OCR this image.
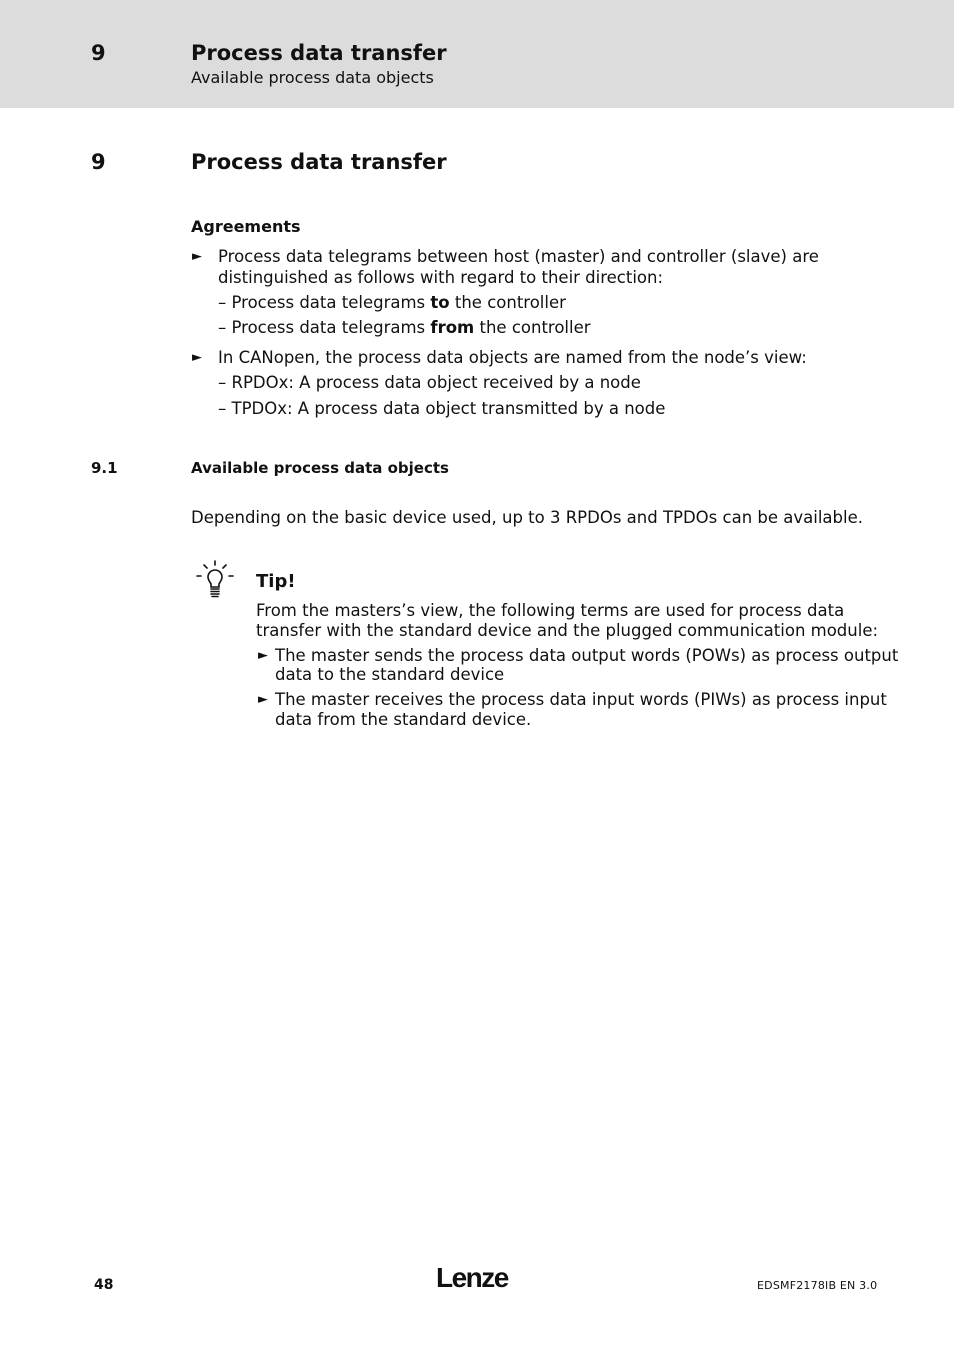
9	Process data transfer
Available process data objects
9	Process data transfer
Agreements
► Process data telegrams between host (master) and controller (slave) are
distinguished as follows with regard to their direction:
– Process data telegrams to the controller
– Process data telegrams from the controller
► In CANopen, the process data objects are named from the node’s view:
– RPDOx: A process data object received by a node
– TPDOx: A process data object transmitted by a node
9.1	Available process data objects
Depending on the basic device used, up to 3 RPDOs and TPDOs can be available.
Tip!
From the masters’s view, the following terms are used for process data
transfer with the standard device and the plugged communication module:
► The master sends the process data output words (POWs) as process output
data to the standard device
► The master receives the process data input words (PIWs) as process input
data from the standard device.
48	Lenze	EDSMF2178IB EN 3.0
